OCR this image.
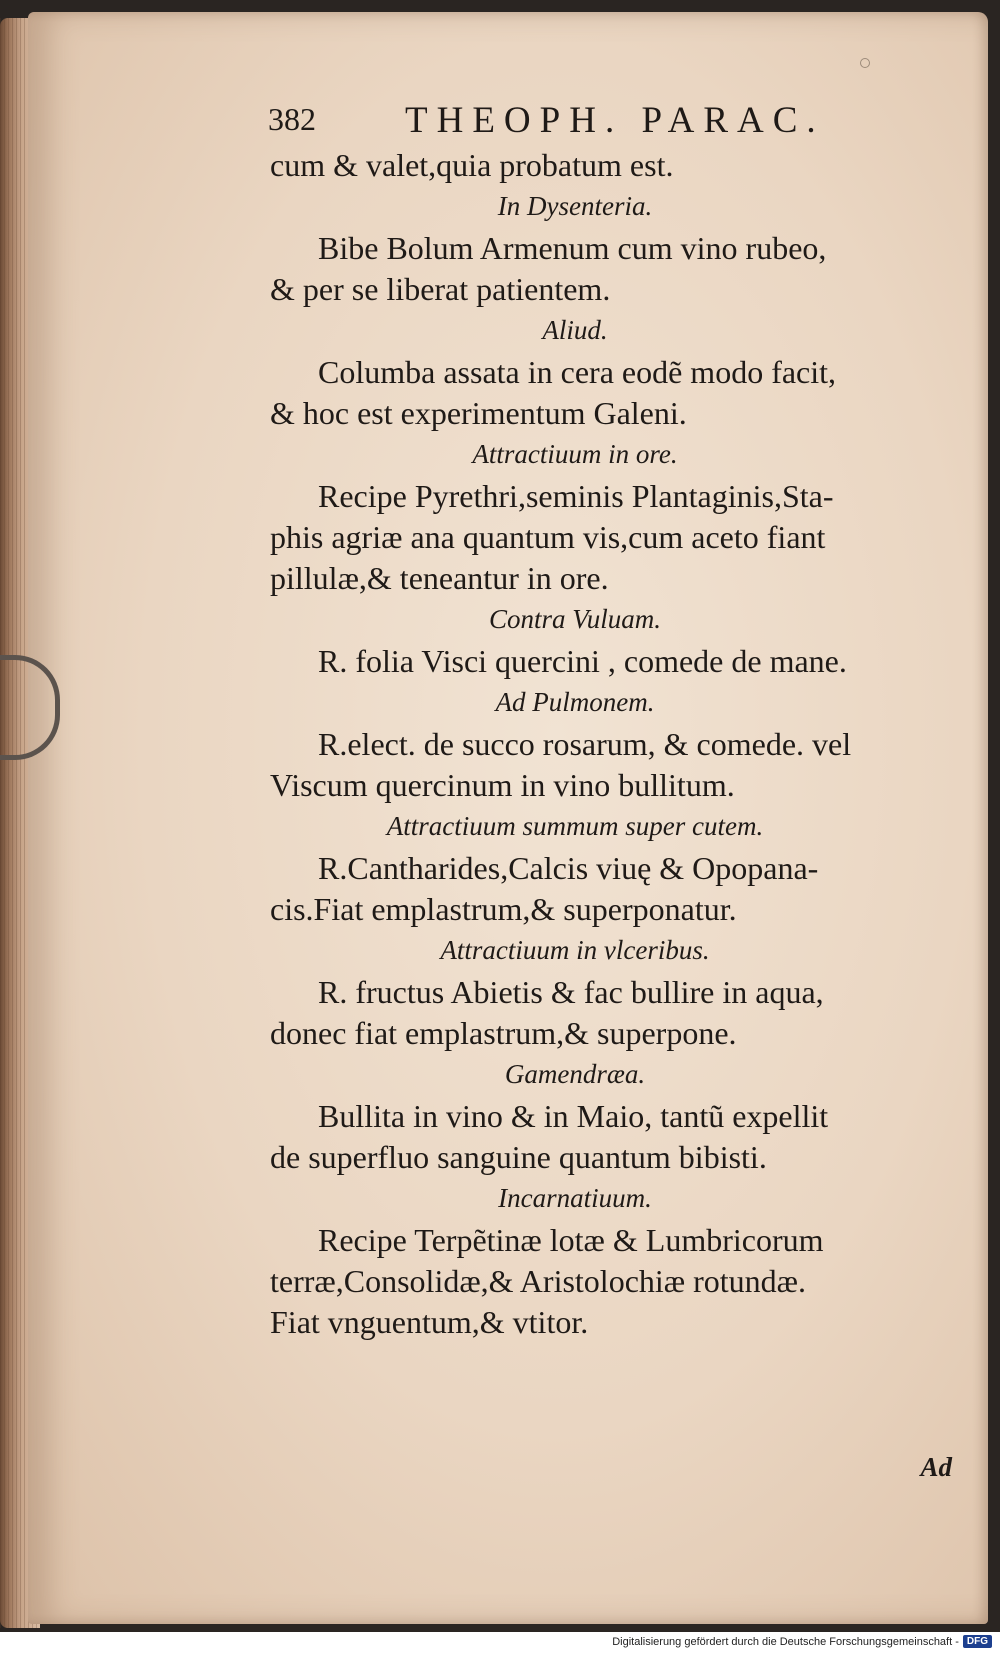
382 THEOPH. PARAC.
cum & valet,quia probatum est.
In Dysenteria.
Bibe Bolum Armenum cum vino rubeo,
& per se liberat patientem.
Aliud.
Columba assata in cera eodẽ modo facit,
& hoc est experimentum Galeni.
Attractiuum in ore.
Recipe Pyrethri,seminis Plantaginis,Sta-
phis agriæ ana quantum vis,cum aceto fiant
pillulæ,& teneantur in ore.
Contra Vuluam.
R. folia Visci quercini , comede de mane.
Ad Pulmonem.
R.elect. de succo rosarum, & comede. vel
Viscum quercinum in vino bullitum.
Attractiuum summum super cutem.
R.Cantharides,Calcis viuę & Opopana-
cis.Fiat emplastrum,& superponatur.
Attractiuum in vlceribus.
R. fructus Abietis & fac bullire in aqua,
donec fiat emplastrum,& superpone.
Gamendræa.
Bullita in vino & in Maio, tantũ expellit
de superfluo sanguine quantum bibisti.
Incarnatiuum.
Recipe Terpẽtinæ lotæ & Lumbricorum
terræ,Consolidæ,& Aristolochiæ rotundæ.
Fiat vnguentum,& vtitor.
Ad
Digitalisierung gefördert durch die Deutsche Forschungsgemeinschaft - DFG
